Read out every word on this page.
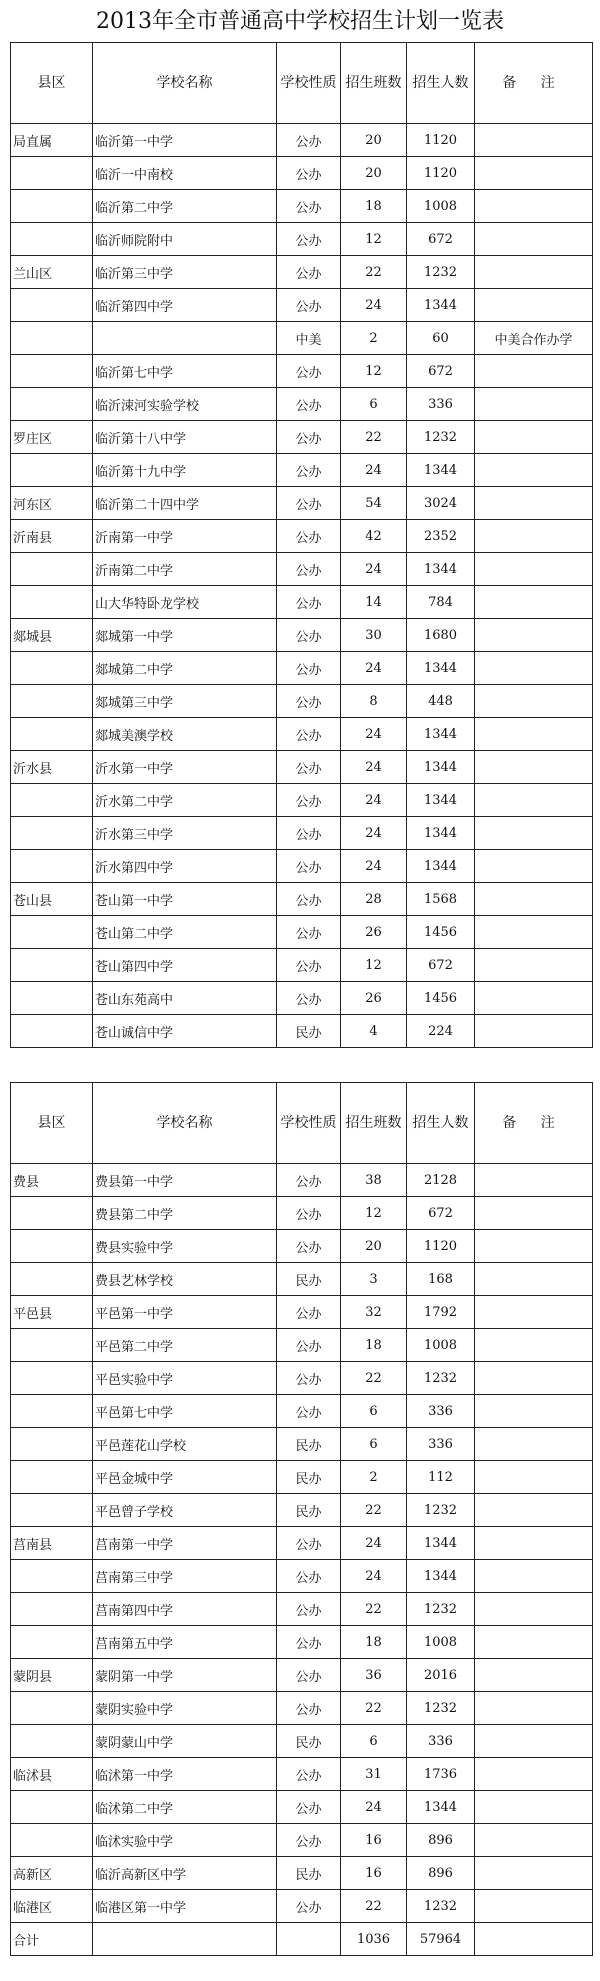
2013年全市普通高中学校招生计划一览表
县区	学校名称	学校性质	招生班数	招生人数	备 注
局直属	临沂第一中学	公办	20	1120	
	临沂一中南校	公办	20	1120	
	临沂第二中学	公办	18	1008	
	临沂师院附中	公办	12	672	
兰山区	临沂第三中学	公办	22	1232	
	临沂第四中学	公办	24	1344	
		中美	2	60	中美合作办学
	临沂第七中学	公办	12	672	
	临沂涑河实验学校	公办	6	336	
罗庄区	临沂第十八中学	公办	22	1232	
	临沂第十九中学	公办	24	1344	
河东区	临沂第二十四中学	公办	54	3024	
沂南县	沂南第一中学	公办	42	2352	
	沂南第二中学	公办	24	1344	
	山大华特卧龙学校	公办	14	784	
郯城县	郯城第一中学	公办	30	1680	
	郯城第二中学	公办	24	1344	
	郯城第三中学	公办	8	448	
	郯城美澳学校	公办	24	1344	
沂水县	沂水第一中学	公办	24	1344	
	沂水第二中学	公办	24	1344	
	沂水第三中学	公办	24	1344	
	沂水第四中学	公办	24	1344	
苍山县	苍山第一中学	公办	28	1568	
	苍山第二中学	公办	26	1456	
	苍山第四中学	公办	12	672	
	苍山东苑高中	公办	26	1456	
	苍山诚信中学	民办	4	224	
县区	学校名称	学校性质	招生班数	招生人数	备 注
费县	费县第一中学	公办	38	2128	
	费县第二中学	公办	12	672	
	费县实验中学	公办	20	1120	
	费县艺林学校	民办	3	168	
平邑县	平邑第一中学	公办	32	1792	
	平邑第二中学	公办	18	1008	
	平邑实验中学	公办	22	1232	
	平邑第七中学	公办	6	336	
	平邑莲花山学校	民办	6	336	
	平邑金城中学	民办	2	112	
	平邑曾子学校	民办	22	1232	
莒南县	莒南第一中学	公办	24	1344	
	莒南第三中学	公办	24	1344	
	莒南第四中学	公办	22	1232	
	莒南第五中学	公办	18	1008	
蒙阴县	蒙阴第一中学	公办	36	2016	
	蒙阴实验中学	公办	22	1232	
	蒙阴蒙山中学	民办	6	336	
临沭县	临沭第一中学	公办	31	1736	
	临沭第二中学	公办	24	1344	
	临沭实验中学	公办	16	896	
高新区	临沂高新区中学	民办	16	896	
临港区	临港区第一中学	公办	22	1232	
合计			1036	57964	
